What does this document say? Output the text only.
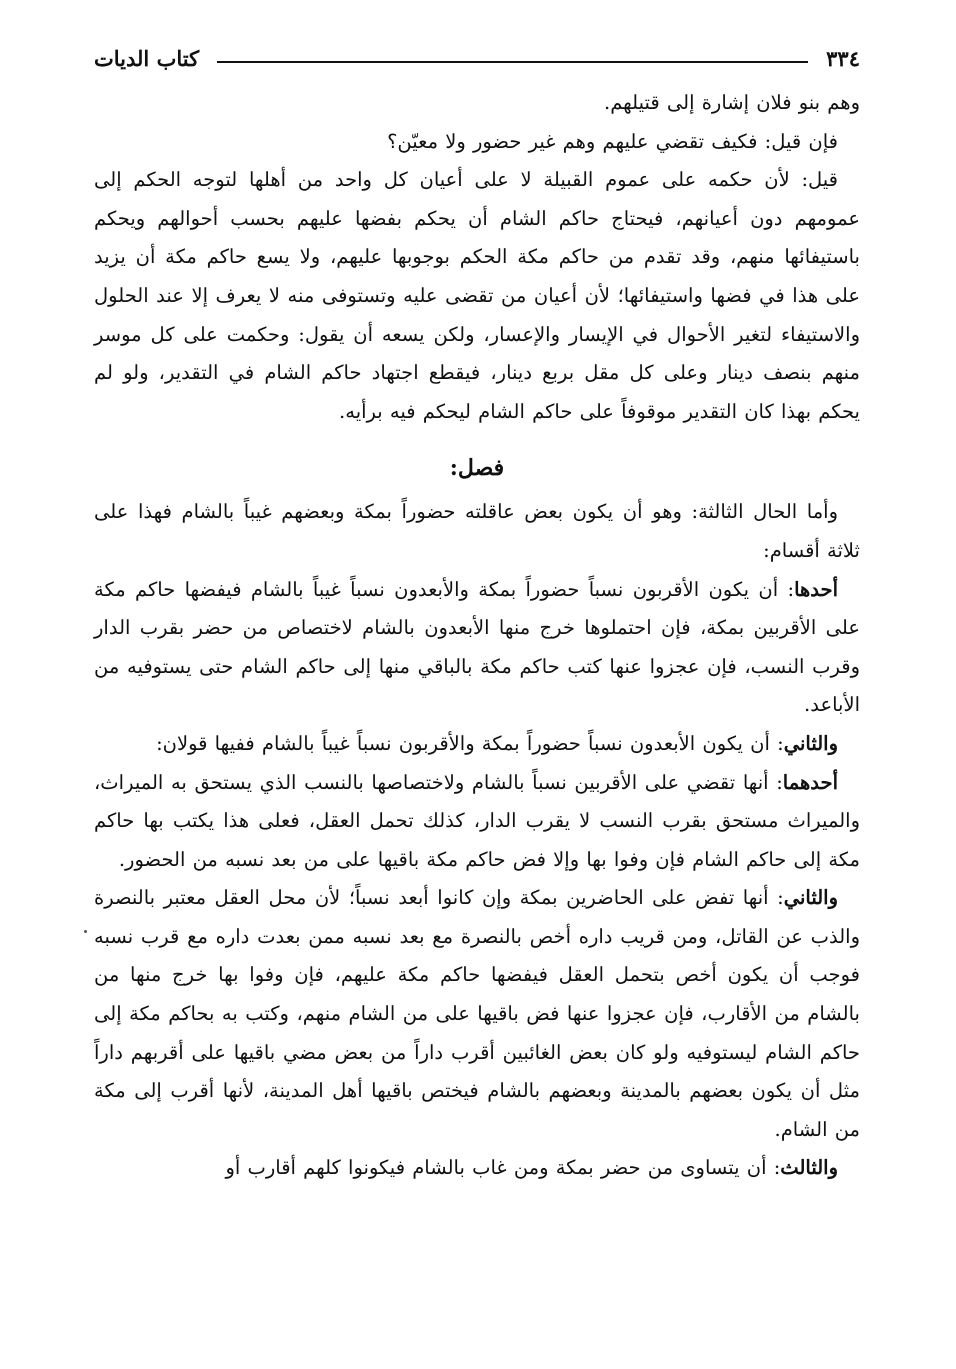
٣٣٤
كتاب الديات

وهم بنو فلان إشارة إلى قتيلهم.

فإن قيل: فكيف تقضي عليهم وهم غير حضور ولا معيّن؟

قيل: لأن حكمه على عموم القبيلة لا على أعيان كل واحد من أهلها لتوجه الحكم إلى عمومهم دون أعيانهم، فيحتاج حاكم الشام أن يحكم بفضها عليهم بحسب أحوالهم ويحكم باستيفائها منهم، وقد تقدم من حاكم مكة الحكم بوجوبها عليهم، ولا يسع حاكم مكة أن يزيد على هذا في فضها واستيفائها؛ لأن أعيان من تقضى عليه وتستوفى منه لا يعرف إلا عند الحلول والاستيفاء لتغير الأحوال في الإيسار والإعسار، ولكن يسعه أن يقول: وحكمت على كل موسر منهم بنصف دينار وعلى كل مقل بربع دينار، فيقطع اجتهاد حاكم الشام في التقدير، ولو لم يحكم بهذا كان التقدير موقوفاً على حاكم الشام ليحكم فيه برأيه.

فصل:

وأما الحال الثالثة: وهو أن يكون بعض عاقلته حضوراً بمكة وبعضهم غيباً بالشام فهذا على ثلاثة أقسام:

أحدها: أن يكون الأقربون نسباً حضوراً بمكة والأبعدون نسباً غيباً بالشام فيفضها حاكم مكة على الأقربين بمكة، فإن احتملوها خرج منها الأبعدون بالشام لاختصاص من حضر بقرب الدار وقرب النسب، فإن عجزوا عنها كتب حاكم مكة بالباقي منها إلى حاكم الشام حتى يستوفيه من الأباعد.

والثاني: أن يكون الأبعدون نسباً حضوراً بمكة والأقربون نسباً غيباً بالشام ففيها قولان:

أحدهما: أنها تقضي على الأقربين نسباً بالشام ولاختصاصها بالنسب الذي يستحق به الميراث، والميراث مستحق بقرب النسب لا يقرب الدار، كذلك تحمل العقل، فعلى هذا يكتب بها حاكم مكة إلى حاكم الشام فإن وفوا بها وإلا فض حاكم مكة باقيها على من بعد نسبه من الحضور.

والثاني: أنها تفض على الحاضرين بمكة وإن كانوا أبعد نسباً؛ لأن محل العقل معتبر بالنصرة والذب عن القاتل، ومن قريب داره أخص بالنصرة مع بعد نسبه ممن بعدت داره مع قرب نسبه فوجب أن يكون أخص بتحمل العقل فيفضها حاكم مكة عليهم، فإن وفوا بها خرج منها من بالشام من الأقارب، فإن عجزوا عنها فض باقيها على من الشام منهم، وكتب به بحاكم مكة إلى حاكم الشام ليستوفيه ولو كان بعض الغائبين أقرب داراً من بعض مضي باقيها على أقربهم داراً مثل أن يكون بعضهم بالمدينة وبعضهم بالشام فيختص باقيها أهل المدينة، لأنها أقرب إلى مكة من الشام.

والثالث: أن يتساوى من حضر بمكة ومن غاب بالشام فيكونوا كلهم أقارب أو
